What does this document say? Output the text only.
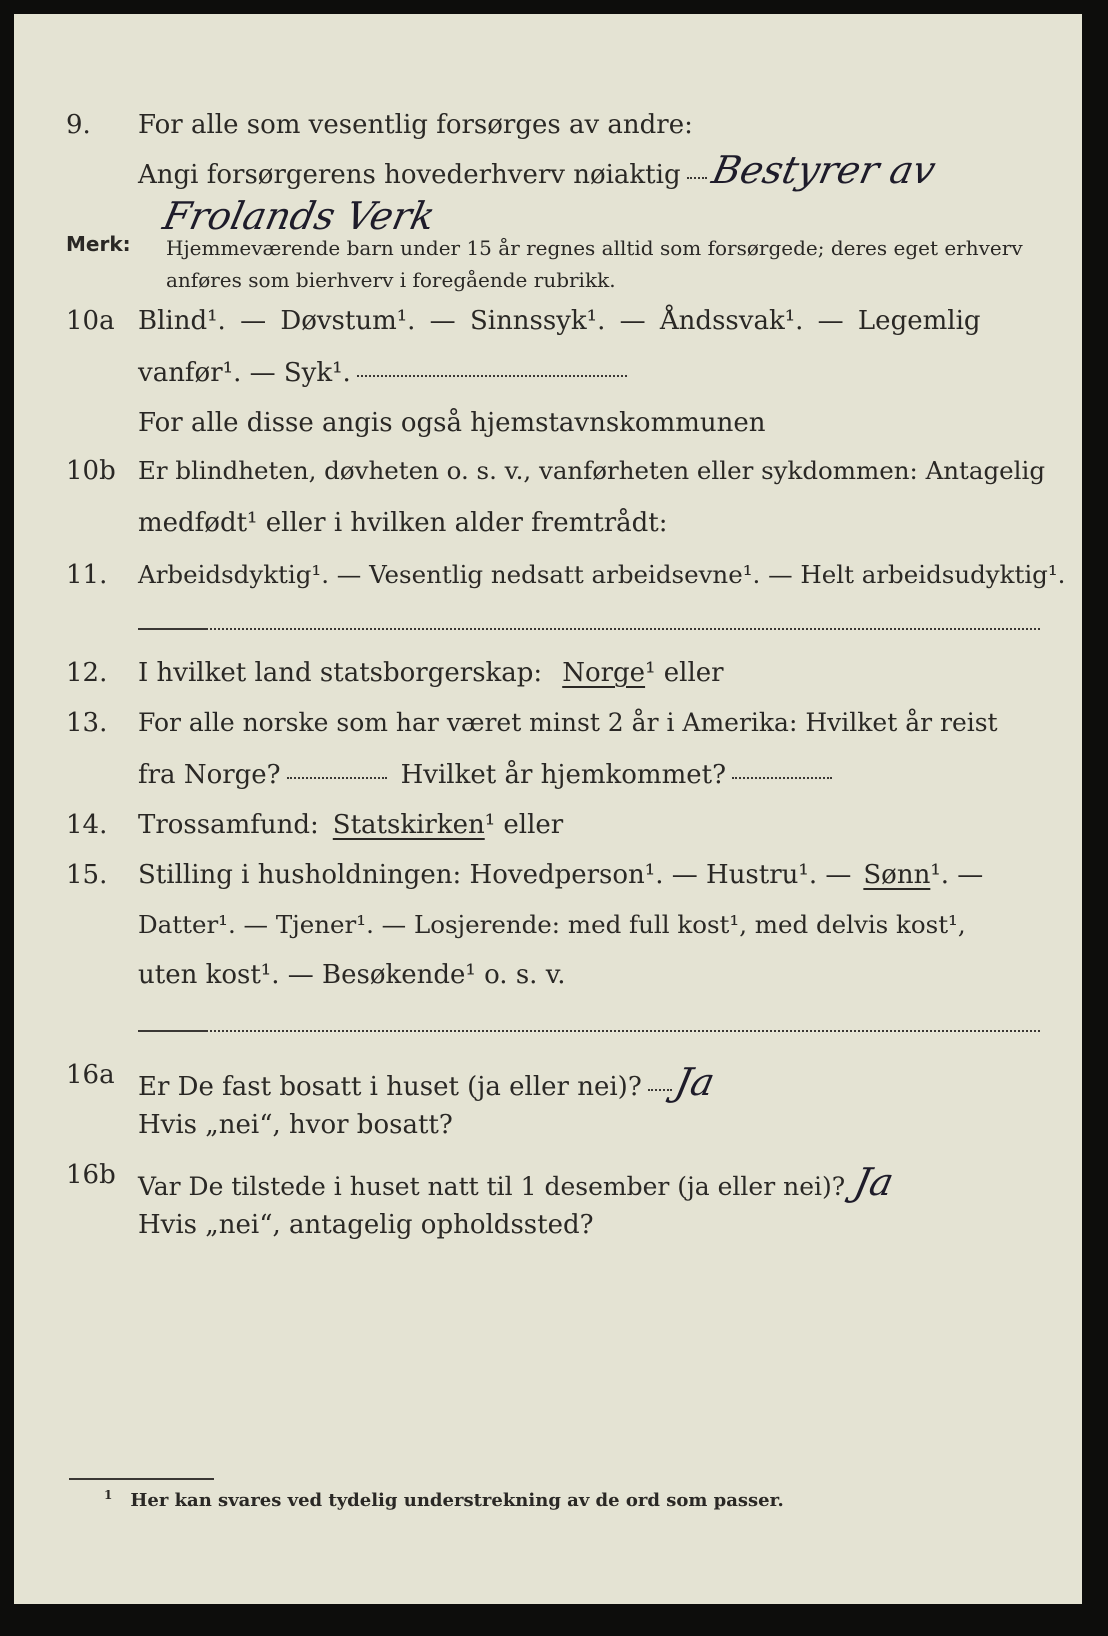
9. For alle som vesentlig forsørges av andre:
Angi forsørgerens hovederhverv nøiaktig Bestyrer av
Frolands Verk
Merk: Hjemmeværende barn under 15 år regnes alltid som forsørgede; deres eget erhverv anføres som bierhverv i foregående rubrikk.
10a Blind¹. — Døvstum¹. — Sinnssyk¹. — Åndssvak¹. — Legemlig
vanfør¹. — Syk¹.
For alle disse angis også hjemstavnskommunen
10b Er blindheten, døvheten o. s. v., vanførheten eller sykdommen: Antagelig
medfødt¹ eller i hvilken alder fremtrådt:
11. Arbeidsdyktig¹. — Vesentlig nedsatt arbeidsevne¹. — Helt arbeidsudyktig¹.
12. I hvilket land statsborgerskap: Norge ¹ eller
13. For alle norske som har været minst 2 år i Amerika: Hvilket år reist
fra Norge?	Hvilket år hjemkommet?
14. Trossamfund: Statskirken ¹ eller
15. Stilling i husholdningen: Hovedperson¹. — Hustru¹. — Sønn ¹. —
Datter¹. — Tjener¹. — Losjerende: med full kost¹, med delvis kost¹,
uten kost¹. — Besøkende¹ o. s. v.
16a Er De fast bosatt i huset (ja eller nei)? Ja
Hvis „nei“, hvor bosatt?
16b Var De tilstede i huset natt til 1 desember (ja eller nei)? Ja
Hvis „nei“, antagelig opholdssted?
$^1$ Her kan svares ved tydelig understrekning av de ord som passer.
